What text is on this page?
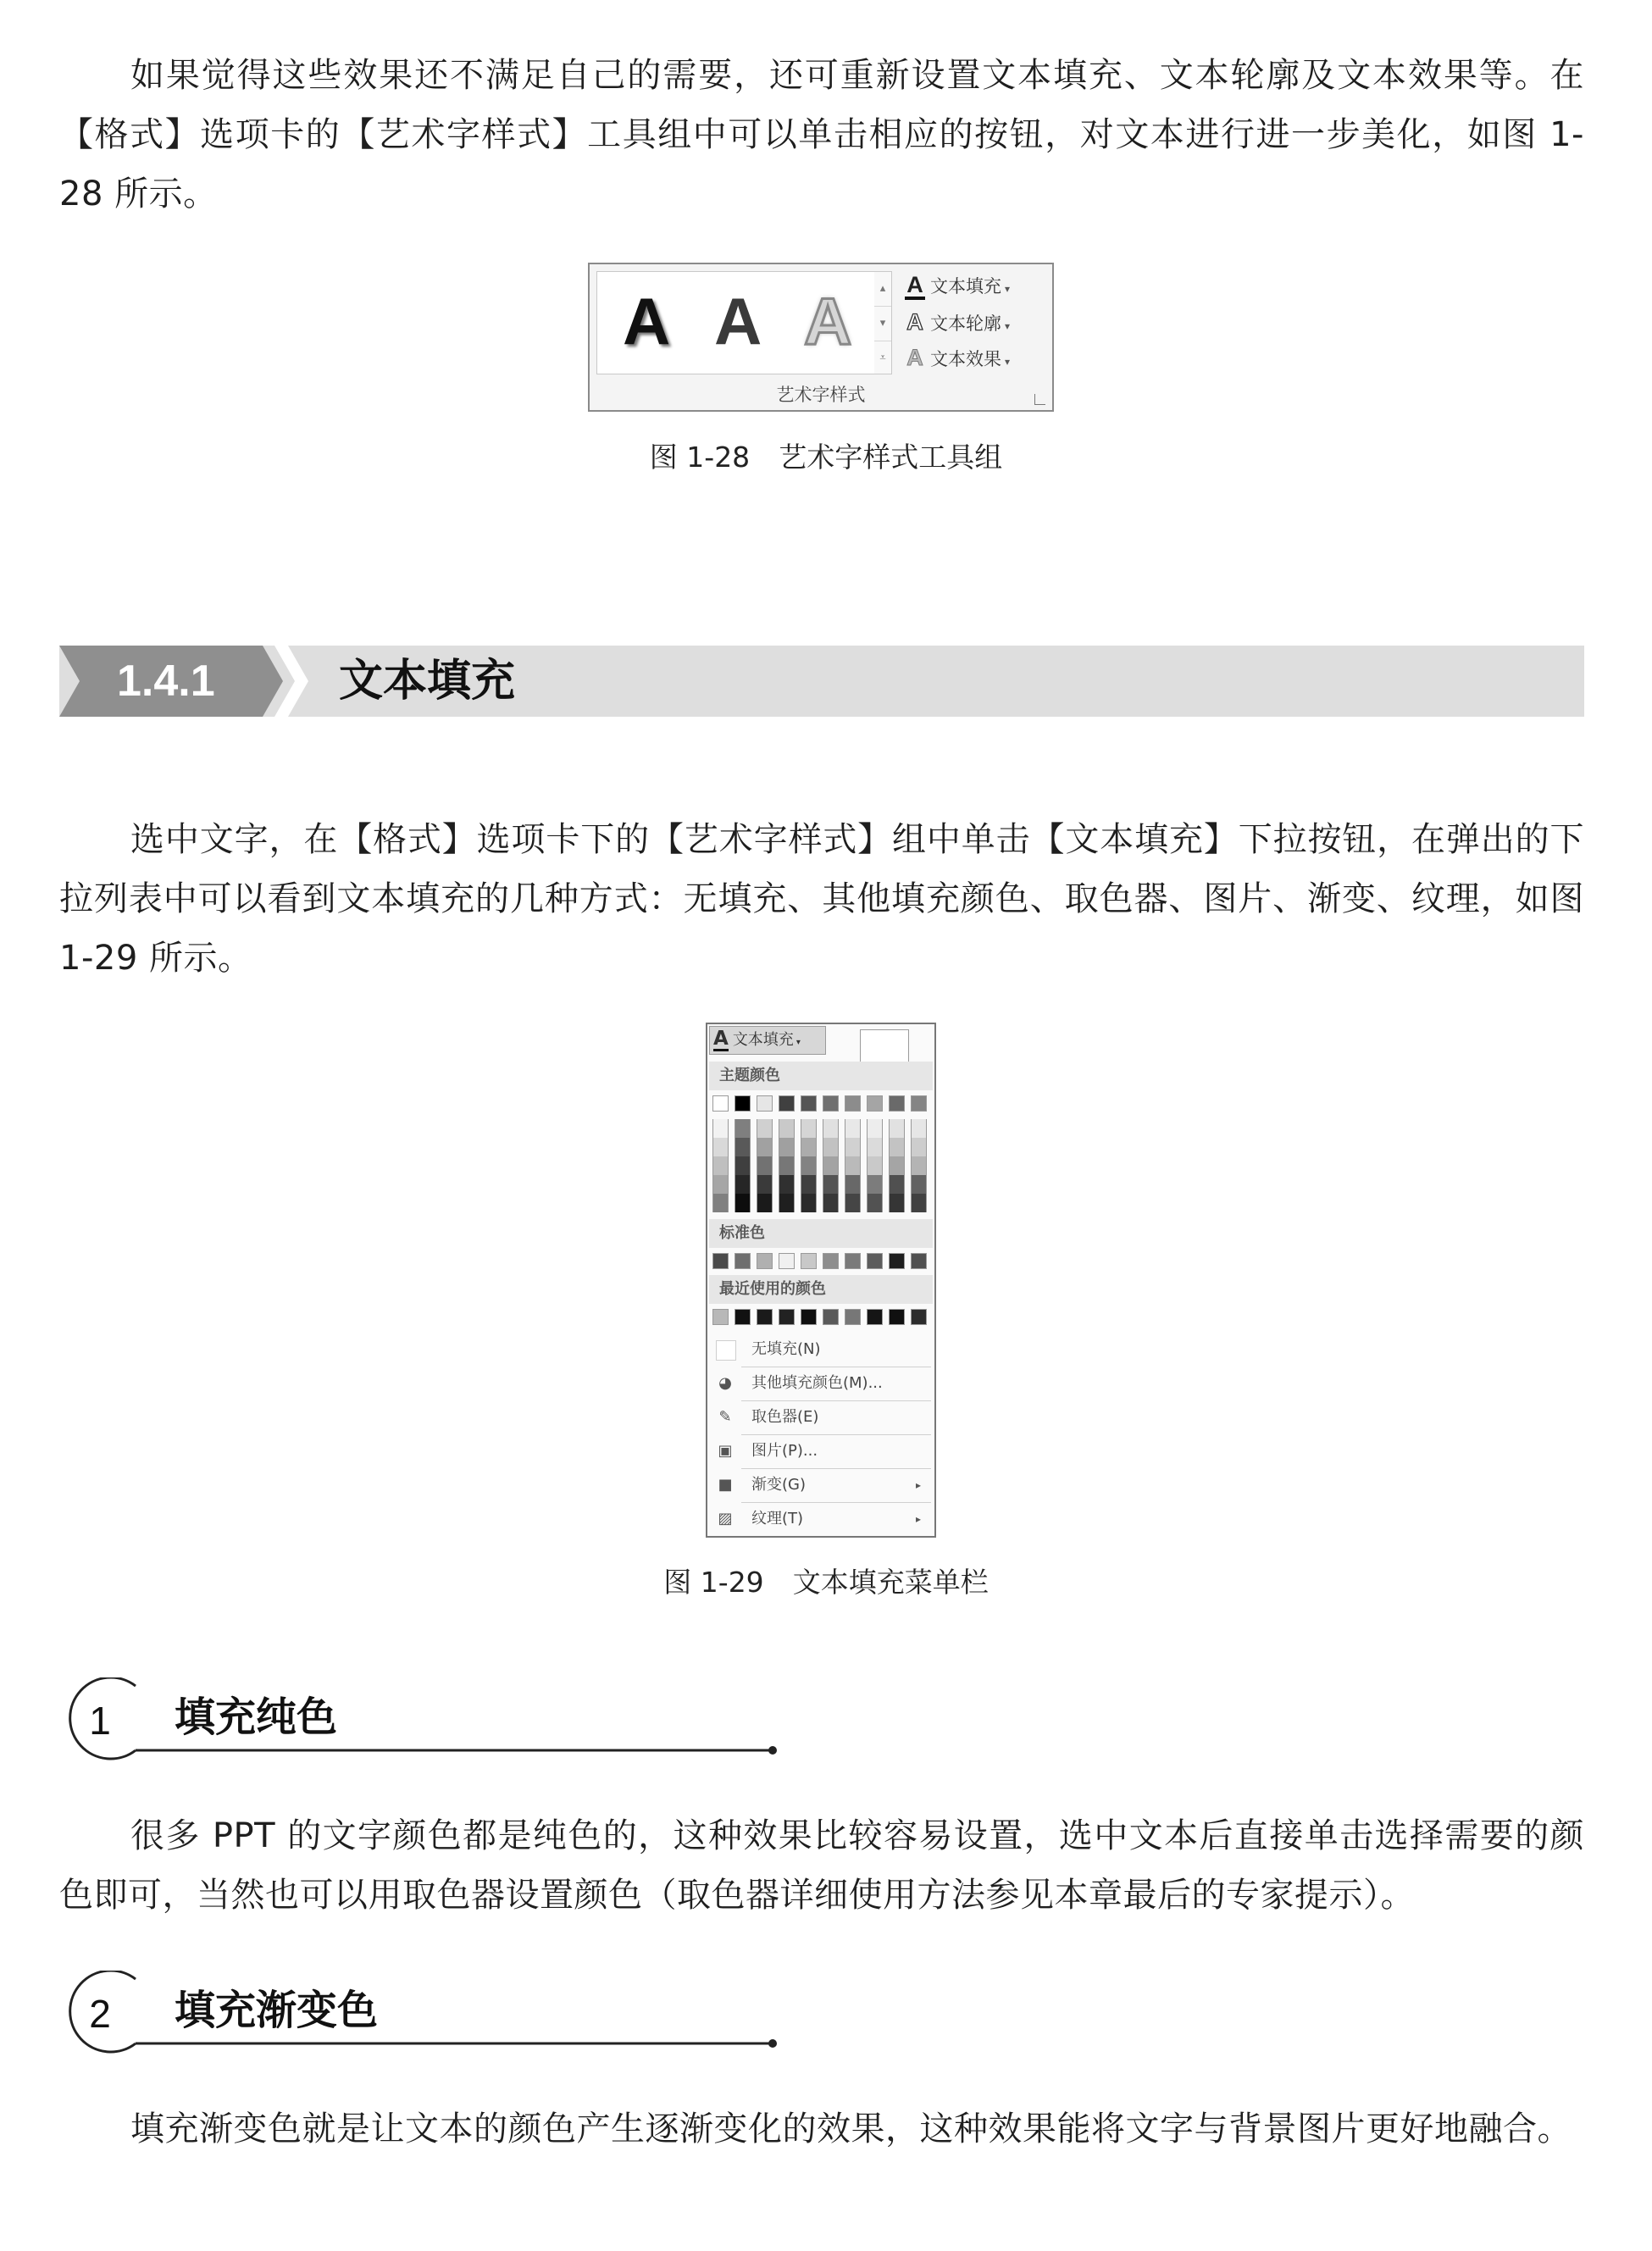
如果觉得这些效果还不满足自己的需要，还可重新设置文本填充、文本轮廓及文本效果等。在【格式】选项卡的【艺术字样式】工具组中可以单击相应的按钮，对文本进行进一步美化，如图 1-28 所示。

A A A	▴
▾
⩡
A 文本填充 ▾
A 文本轮廓 ▾
A 文本效果 ▾
艺术字样式
图 1-28 艺术字样式工具组
1.4.1	文本填充

选中文字，在【格式】选项卡下的【艺术字样式】组中单击【文本填充】下拉按钮，在弹出的下拉列表中可以看到文本填充的几种方式：无填充、其他填充颜色、取色器、图片、渐变、纹理，如图 1-29 所示。

A 文本填充 ▾
主题颜色
标准色
最近使用的颜色
无填充(N)
◕ 其他填充颜色(M)...
✎ 取色器(E)
▣ 图片(P)...
■ 渐变(G)	▸
▨ 纹理(T)	▸
图 1-29 文本填充菜单栏
1	填充纯色

很多 PPT 的文字颜色都是纯色的，这种效果比较容易设置，选中文本后直接单击选择需要的颜色即可，当然也可以用取色器设置颜色（取色器详细使用方法参见本章最后的专家提示）。

2	填充渐变色

填充渐变色就是让文本的颜色产生逐渐变化的效果，这种效果能将文字与背景图片更好地融合。
